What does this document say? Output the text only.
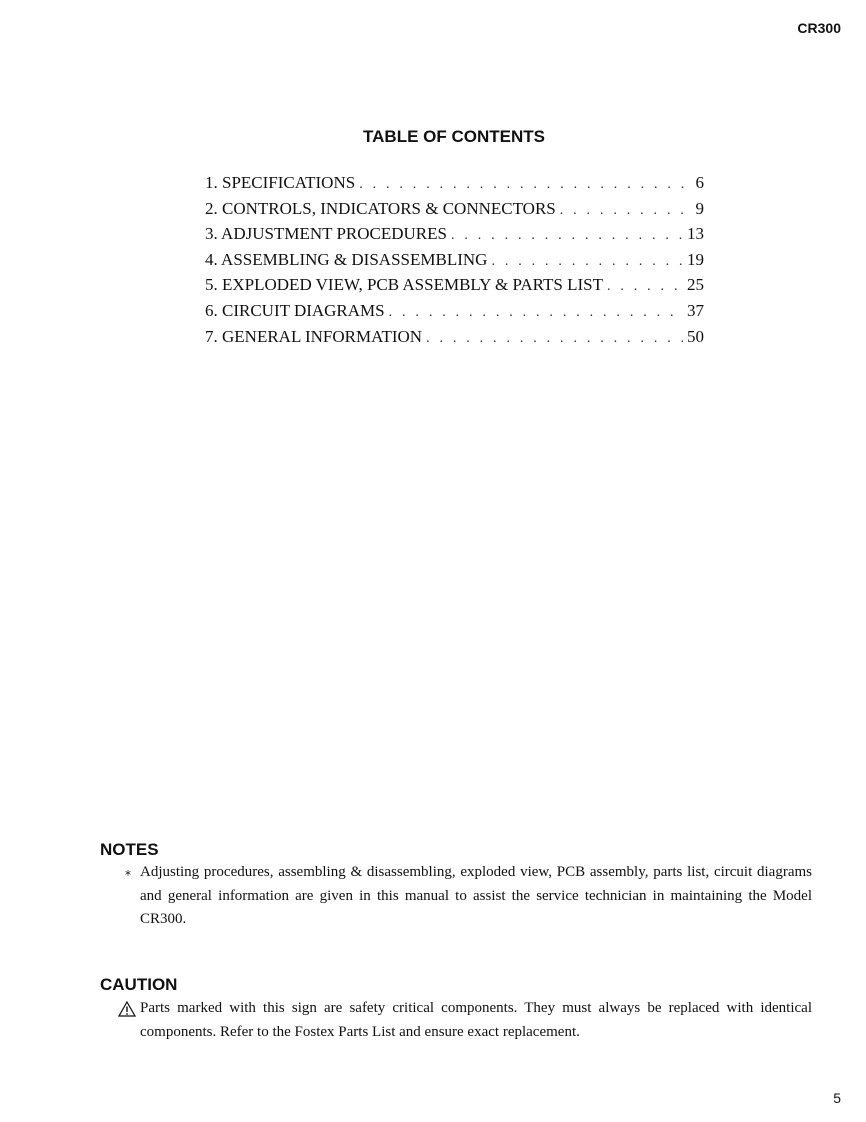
CR300
TABLE OF CONTENTS
1. SPECIFICATIONS . . .	6
2. CONTROLS, INDICATORS & CONNECTORS . . .	9
3. ADJUSTMENT PROCEDURES . . .	13
4. ASSEMBLING & DISASSEMBLING . . .	19
5. EXPLODED VIEW, PCB ASSEMBLY & PARTS LIST . . .	25
6. CIRCUIT DIAGRAMS . . .	37
7. GENERAL INFORMATION . . .	50
NOTES
* Adjusting procedures, assembling & disassembling, exploded view, PCB assembly, parts list, circuit diagrams and general information are given in this manual to assist the service technician in maintaining the Model CR300.
CAUTION
Parts marked with this sign are safety critical components. They must always be replaced with identical components. Refer to the Fostex Parts List and ensure exact replacement.
5
